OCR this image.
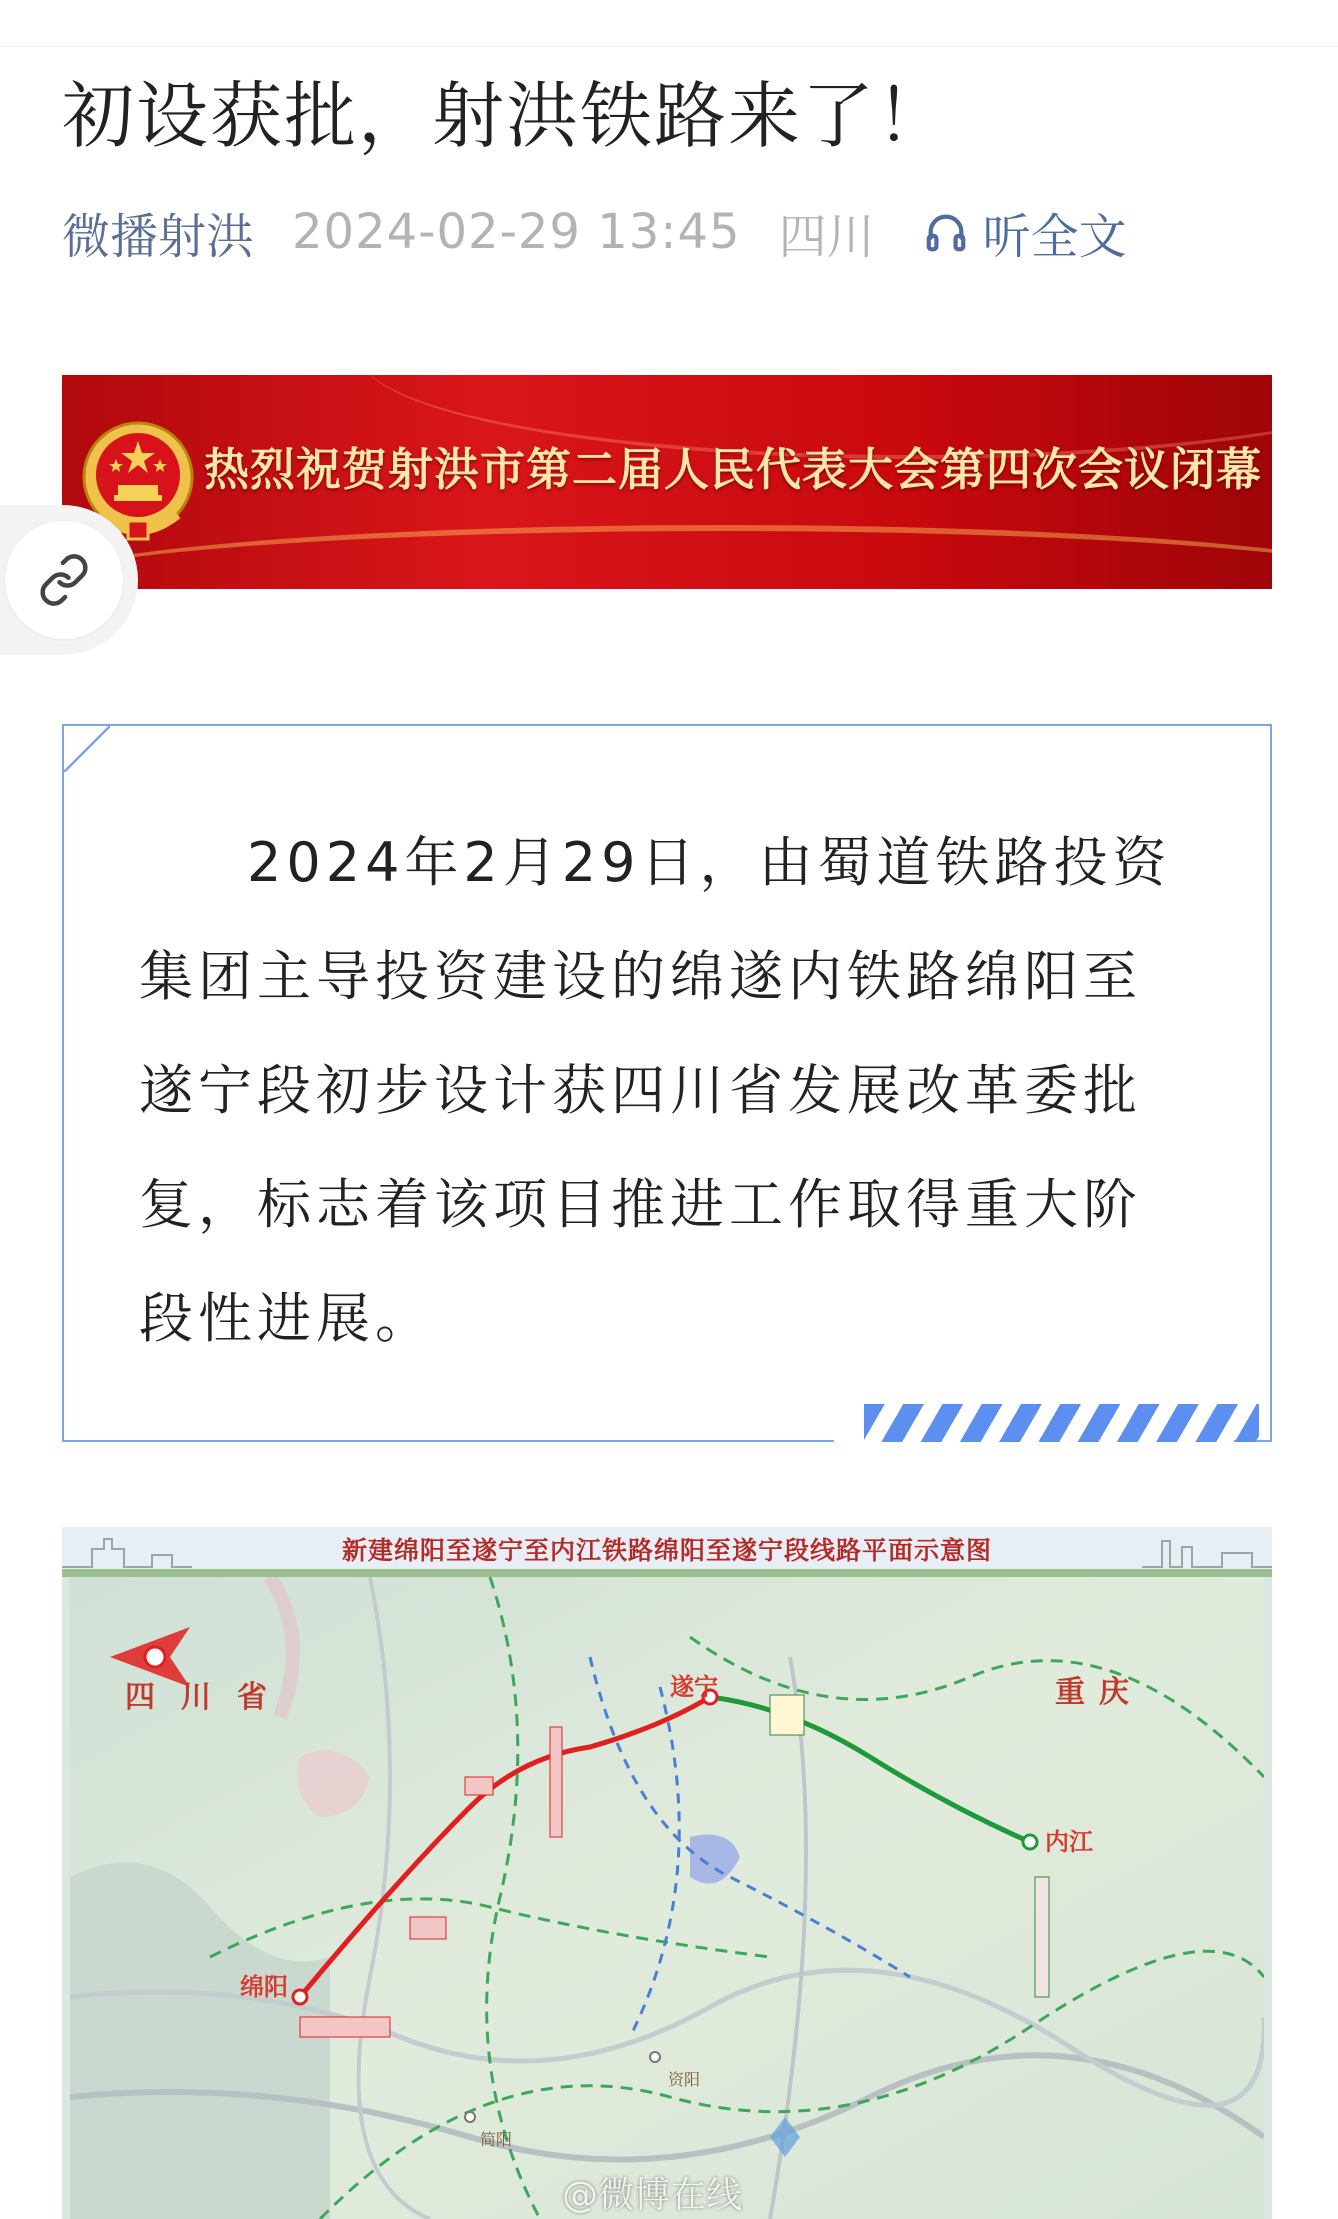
初设获批，射洪铁路来了！
微播射洪 2024-02-29 13:45 四川 听全文
热烈祝贺射洪市第二届人民代表大会第四次会议闭幕
2024年2月29日，由蜀道铁路投资集团主导投资建设的绵遂内铁路绵阳至遂宁段初步设计获四川省发展改革委批复，标志着该项目推进工作取得重大阶段性进展。
新建绵阳至遂宁至内江铁路绵阳至遂宁段线路平面示意图
四川省	重庆
绵阳
遂宁
内江
资阳
简阳
@微博在线
